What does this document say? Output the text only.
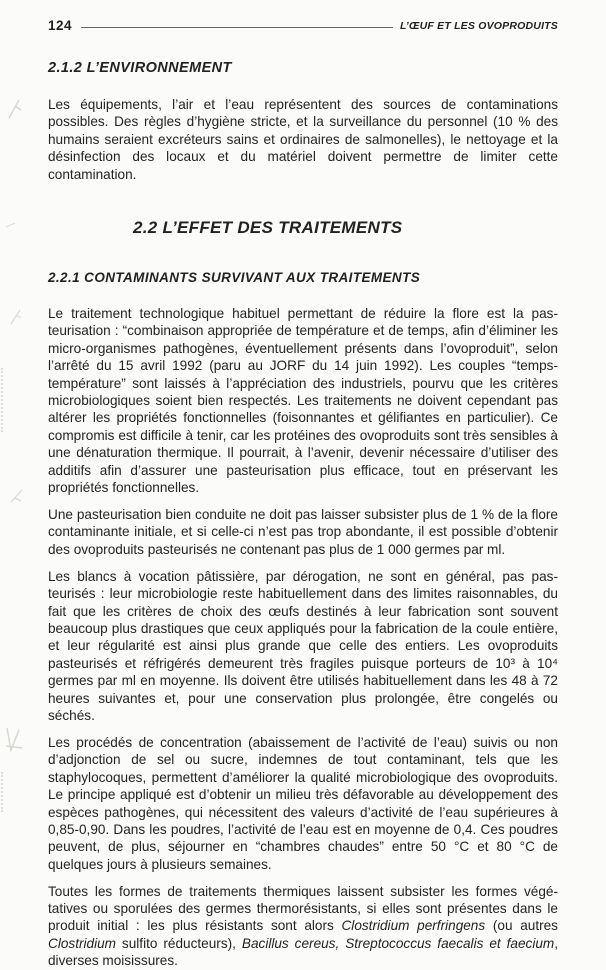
124	L’ŒUF ET LES OVOPRODUITS
2.1.2 L’ENVIRONNEMENT

Les équipements, l’air et l’eau représentent des sources de contaminations possibles. Des règles d’hygiène stricte, et la surveillance du personnel (10 % des humains seraient excréteurs sains et ordinaires de salmonelles), le nettoyage et la désinfection des locaux et du matériel doivent permettre de limiter cette contamination.

2.2 L’EFFET DES TRAITEMENTS
2.2.1 CONTAMINANTS SURVIVANT AUX TRAITEMENTS

Le traitement technologique habituel permettant de réduire la flore est la pasteurisation : “combinaison appropriée de température et de temps, afin d’éliminer les micro-organismes pathogènes, éventuellement présents dans l’ovoproduit”, selon l’arrêté du 15 avril 1992 (paru au JORF du 14 juin 1992). Les couples “temps-température” sont laissés à l’appréciation des industriels, pourvu que les critères microbiologiques soient bien respectés. Les traitements ne doivent cependant pas altérer les propriétés fonctionnelles (foisonnantes et gélifiantes en particulier). Ce compromis est difficile à tenir, car les protéines des ovoproduits sont très sensibles à une dénaturation thermique. Il pourrait, à l’avenir, devenir nécessaire d’utiliser des additifs afin d’assurer une pasteurisation plus efficace, tout en préservant les propriétés fonctionnelles.

Une pasteurisation bien conduite ne doit pas laisser subsister plus de 1 % de la flore contaminante initiale, et si celle-ci n’est pas trop abondante, il est possible d’obtenir des ovoproduits pasteurisés ne contenant pas plus de 1 000 germes par ml.

Les blancs à vocation pâtissière, par dérogation, ne sont en général, pas pasteurisés : leur microbiologie reste habituellement dans des limites raisonnables, du fait que les critères de choix des œufs destinés à leur fabrication sont souvent beaucoup plus drastiques que ceux appliqués pour la fabrication de la coule entière, et leur régularité est ainsi plus grande que celle des entiers. Les ovoproduits pasteurisés et réfrigérés demeurent très fragiles puisque porteurs de 10³ à 10⁴ germes par ml en moyenne. Ils doivent être utilisés habituellement dans les 48 à 72 heures suivantes et, pour une conservation plus prolongée, être congelés ou séchés.

Les procédés de concentration (abaissement de l’activité de l’eau) suivis ou non d’adjonction de sel ou sucre, indemnes de tout contaminant, tels que les staphylocoques, permettent d’améliorer la qualité microbiologique des ovoproduits. Le principe appliqué est d’obtenir un milieu très défavorable au développement des espèces pathogènes, qui nécessitent des valeurs d’activité de l’eau supérieures à 0,85-0,90. Dans les poudres, l’activité de l’eau est en moyenne de 0,4. Ces poudres peuvent, de plus, séjourner en “chambres chaudes” entre 50 °C et 80 °C de quelques jours à plusieurs semaines.

Toutes les formes de traitements thermiques laissent subsister les formes végétatives ou sporulées des germes thermorésistants, si elles sont présentes dans le produit initial : les plus résistants sont alors Clostridium perfringens (ou autres Clostridium sulfito réducteurs), Bacillus cereus, Streptococcus faecalis et faecium, diverses moisissures.
